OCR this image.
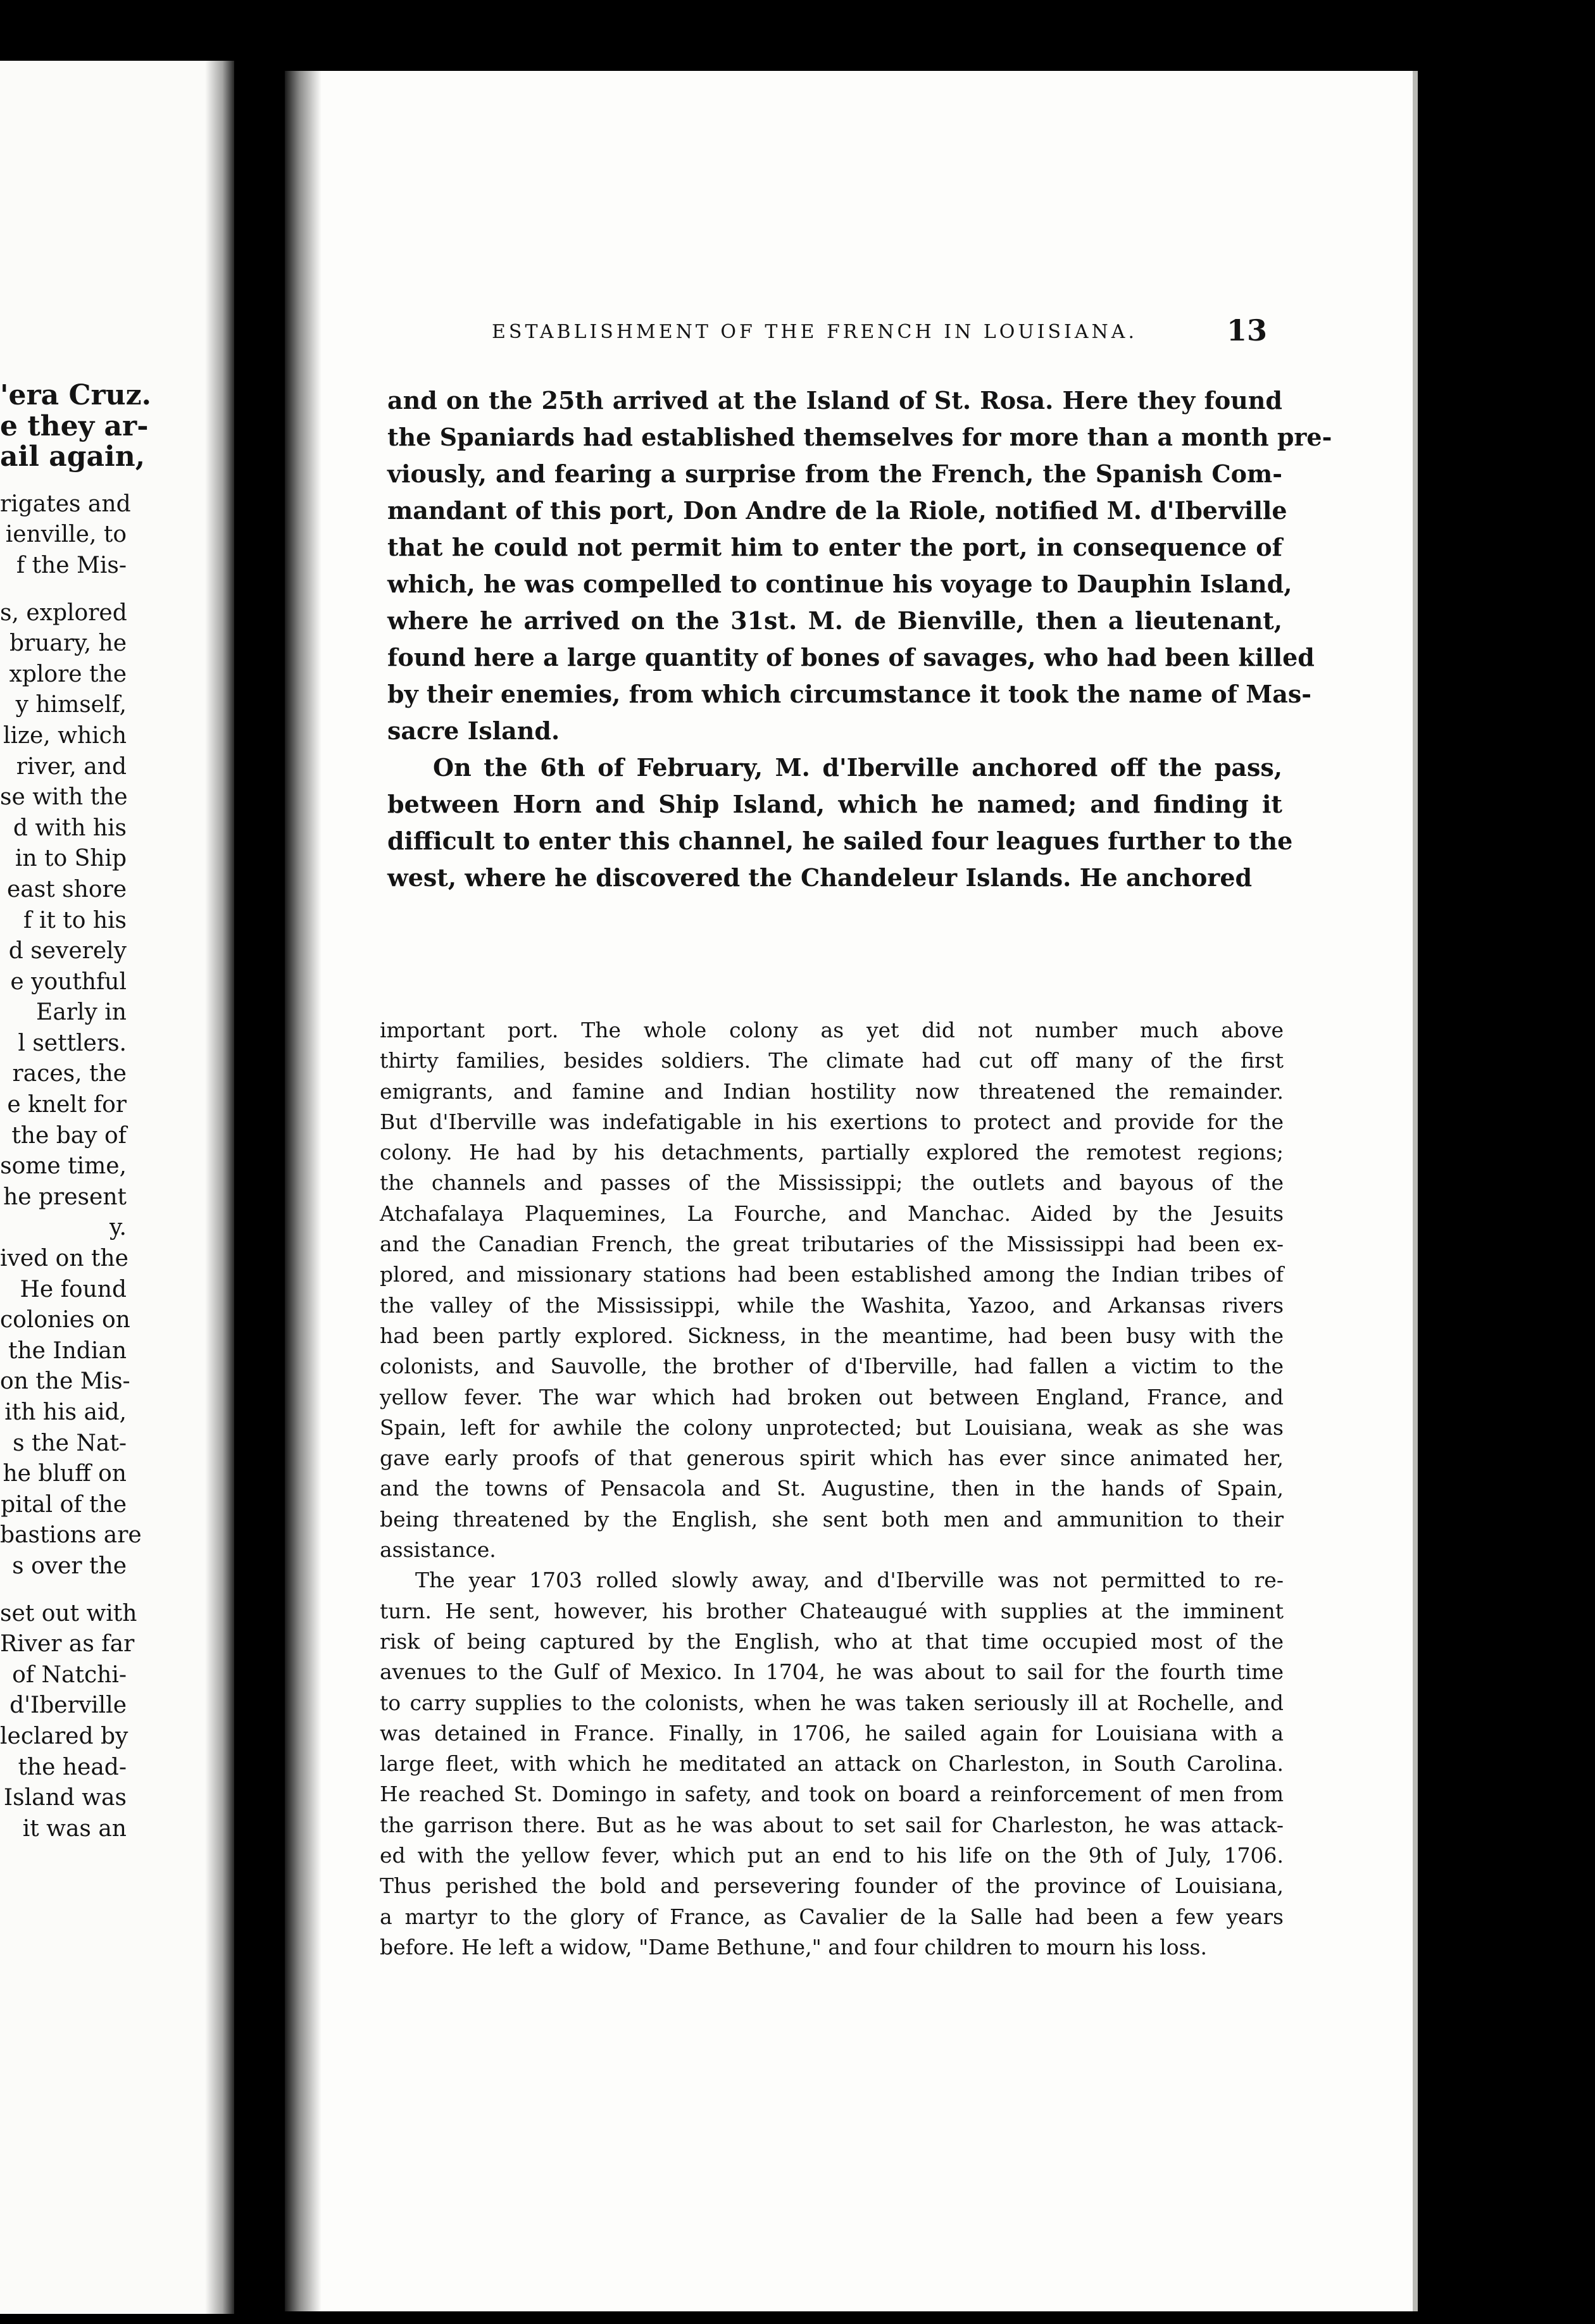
'era Cruz.
e they ar-
ail again,
rigates and
ienville, to
f the Mis-
s, explored
bruary, he
xplore the
y himself,
lize, which
river, and
se with the
d with his
in to Ship
east shore
f it to his
d severely
e youthful
Early in
l settlers.
races, the
e knelt for
the bay of
some time,
he present
y.
ived on the
He found
colonies on
the Indian
on the Mis-
ith his aid,
s the Nat-
he bluff on
pital of the
bastions are
s over the
set out with
River as far
of Natchi-
d'Iberville
leclared by
the head-
Island was
it was an
ESTABLISHMENT OF THE FRENCH IN LOUISIANA.	13
and on the 25th arrived at the Island of St. Rosa. Here they found
the Spaniards had established themselves for more than a month pre-
viously, and fearing a surprise from the French, the Spanish Com-
mandant of this port, Don Andre de la Riole, notified M. d'Iberville
that he could not permit him to enter the port, in consequence of
which, he was compelled to continue his voyage to Dauphin Island,
where he arrived on the 31st. M. de Bienville, then a lieutenant,
found here a large quantity of bones of savages, who had been killed
by their enemies, from which circumstance it took the name of Mas-
sacre Island.
On the 6th of February, M. d'Iberville anchored off the pass,
between Horn and Ship Island, which he named; and finding it
difficult to enter this channel, he sailed four leagues further to the
west, where he discovered the Chandeleur Islands. He anchored
important port. The whole colony as yet did not number much above
thirty families, besides soldiers. The climate had cut off many of the first
emigrants, and famine and Indian hostility now threatened the remainder.
But d'Iberville was indefatigable in his exertions to protect and provide for the
colony. He had by his detachments, partially explored the remotest regions;
the channels and passes of the Mississippi; the outlets and bayous of the
Atchafalaya Plaquemines, La Fourche, and Manchac. Aided by the Jesuits
and the Canadian French, the great tributaries of the Mississippi had been ex-
plored, and missionary stations had been established among the Indian tribes of
the valley of the Mississippi, while the Washita, Yazoo, and Arkansas rivers
had been partly explored. Sickness, in the meantime, had been busy with the
colonists, and Sauvolle, the brother of d'Iberville, had fallen a victim to the
yellow fever. The war which had broken out between England, France, and
Spain, left for awhile the colony unprotected; but Louisiana, weak as she was
gave early proofs of that generous spirit which has ever since animated her,
and the towns of Pensacola and St. Augustine, then in the hands of Spain,
being threatened by the English, she sent both men and ammunition to their
assistance.
The year 1703 rolled slowly away, and d'Iberville was not permitted to re-
turn. He sent, however, his brother Chateaugué with supplies at the imminent
risk of being captured by the English, who at that time occupied most of the
avenues to the Gulf of Mexico. In 1704, he was about to sail for the fourth time
to carry supplies to the colonists, when he was taken seriously ill at Rochelle, and
was detained in France. Finally, in 1706, he sailed again for Louisiana with a
large fleet, with which he meditated an attack on Charleston, in South Carolina.
He reached St. Domingo in safety, and took on board a reinforcement of men from
the garrison there. But as he was about to set sail for Charleston, he was attack-
ed with the yellow fever, which put an end to his life on the 9th of July, 1706.
Thus perished the bold and persevering founder of the province of Louisiana,
a martyr to the glory of France, as Cavalier de la Salle had been a few years
before. He left a widow, "Dame Bethune," and four children to mourn his loss.
